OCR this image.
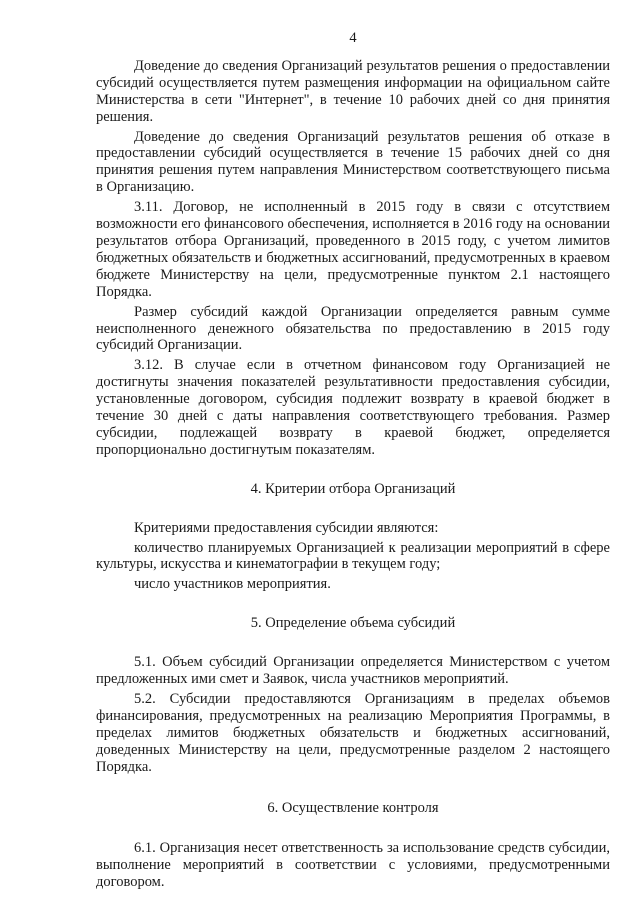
4

Доведение до сведения Организаций результатов решения о предоставлении субсидий осуществляется путем размещения информации на официальном сайте Министерства в сети "Интернет", в течение 10 рабочих дней со дня принятия решения.

Доведение до сведения Организаций результатов решения об отказе в предоставлении субсидий осуществляется в течение 15 рабочих дней со дня принятия решения путем направления Министерством соответствующего письма в Организацию.

3.11. Договор, не исполненный в 2015 году в связи с отсутствием возможности его финансового обеспечения, исполняется в 2016 году на основании результатов отбора Организаций, проведенного в 2015 году, с учетом лимитов бюджетных обязательств и бюджетных ассигнований, предусмотренных в краевом бюджете Министерству на цели, предусмотренные пунктом 2.1 настоящего Порядка.

Размер субсидий каждой Организации определяется равным сумме неисполненного денежного обязательства по предоставлению в 2015 году субсидий Организации.

3.12. В случае если в отчетном финансовом году Организацией не достигнуты значения показателей результативности предоставления субсидии, установленные договором, субсидия подлежит возврату в краевой бюджет в течение 30 дней с даты направления соответствующего требования. Размер субсидии, подлежащей возврату в краевой бюджет, определяется пропорционально достигнутым показателям.

4. Критерии отбора Организаций

Критериями предоставления субсидии являются:

количество планируемых Организацией к реализации мероприятий в сфере культуры, искусства и кинематографии в текущем году;

число участников мероприятия.

5. Определение объема субсидий

5.1. Объем субсидий Организации определяется Министерством с учетом предложенных ими смет и Заявок, числа участников мероприятий.

5.2. Субсидии предоставляются Организациям в пределах объемов финансирования, предусмотренных на реализацию Мероприятия Программы, в пределах лимитов бюджетных обязательств и бюджетных ассигнований, доведенных Министерству на цели, предусмотренные разделом 2 настоящего Порядка.

6. Осуществление контроля

6.1. Организация несет ответственность за использование средств субсидии, выполнение мероприятий в соответствии с условиями, предусмотренными договором.
